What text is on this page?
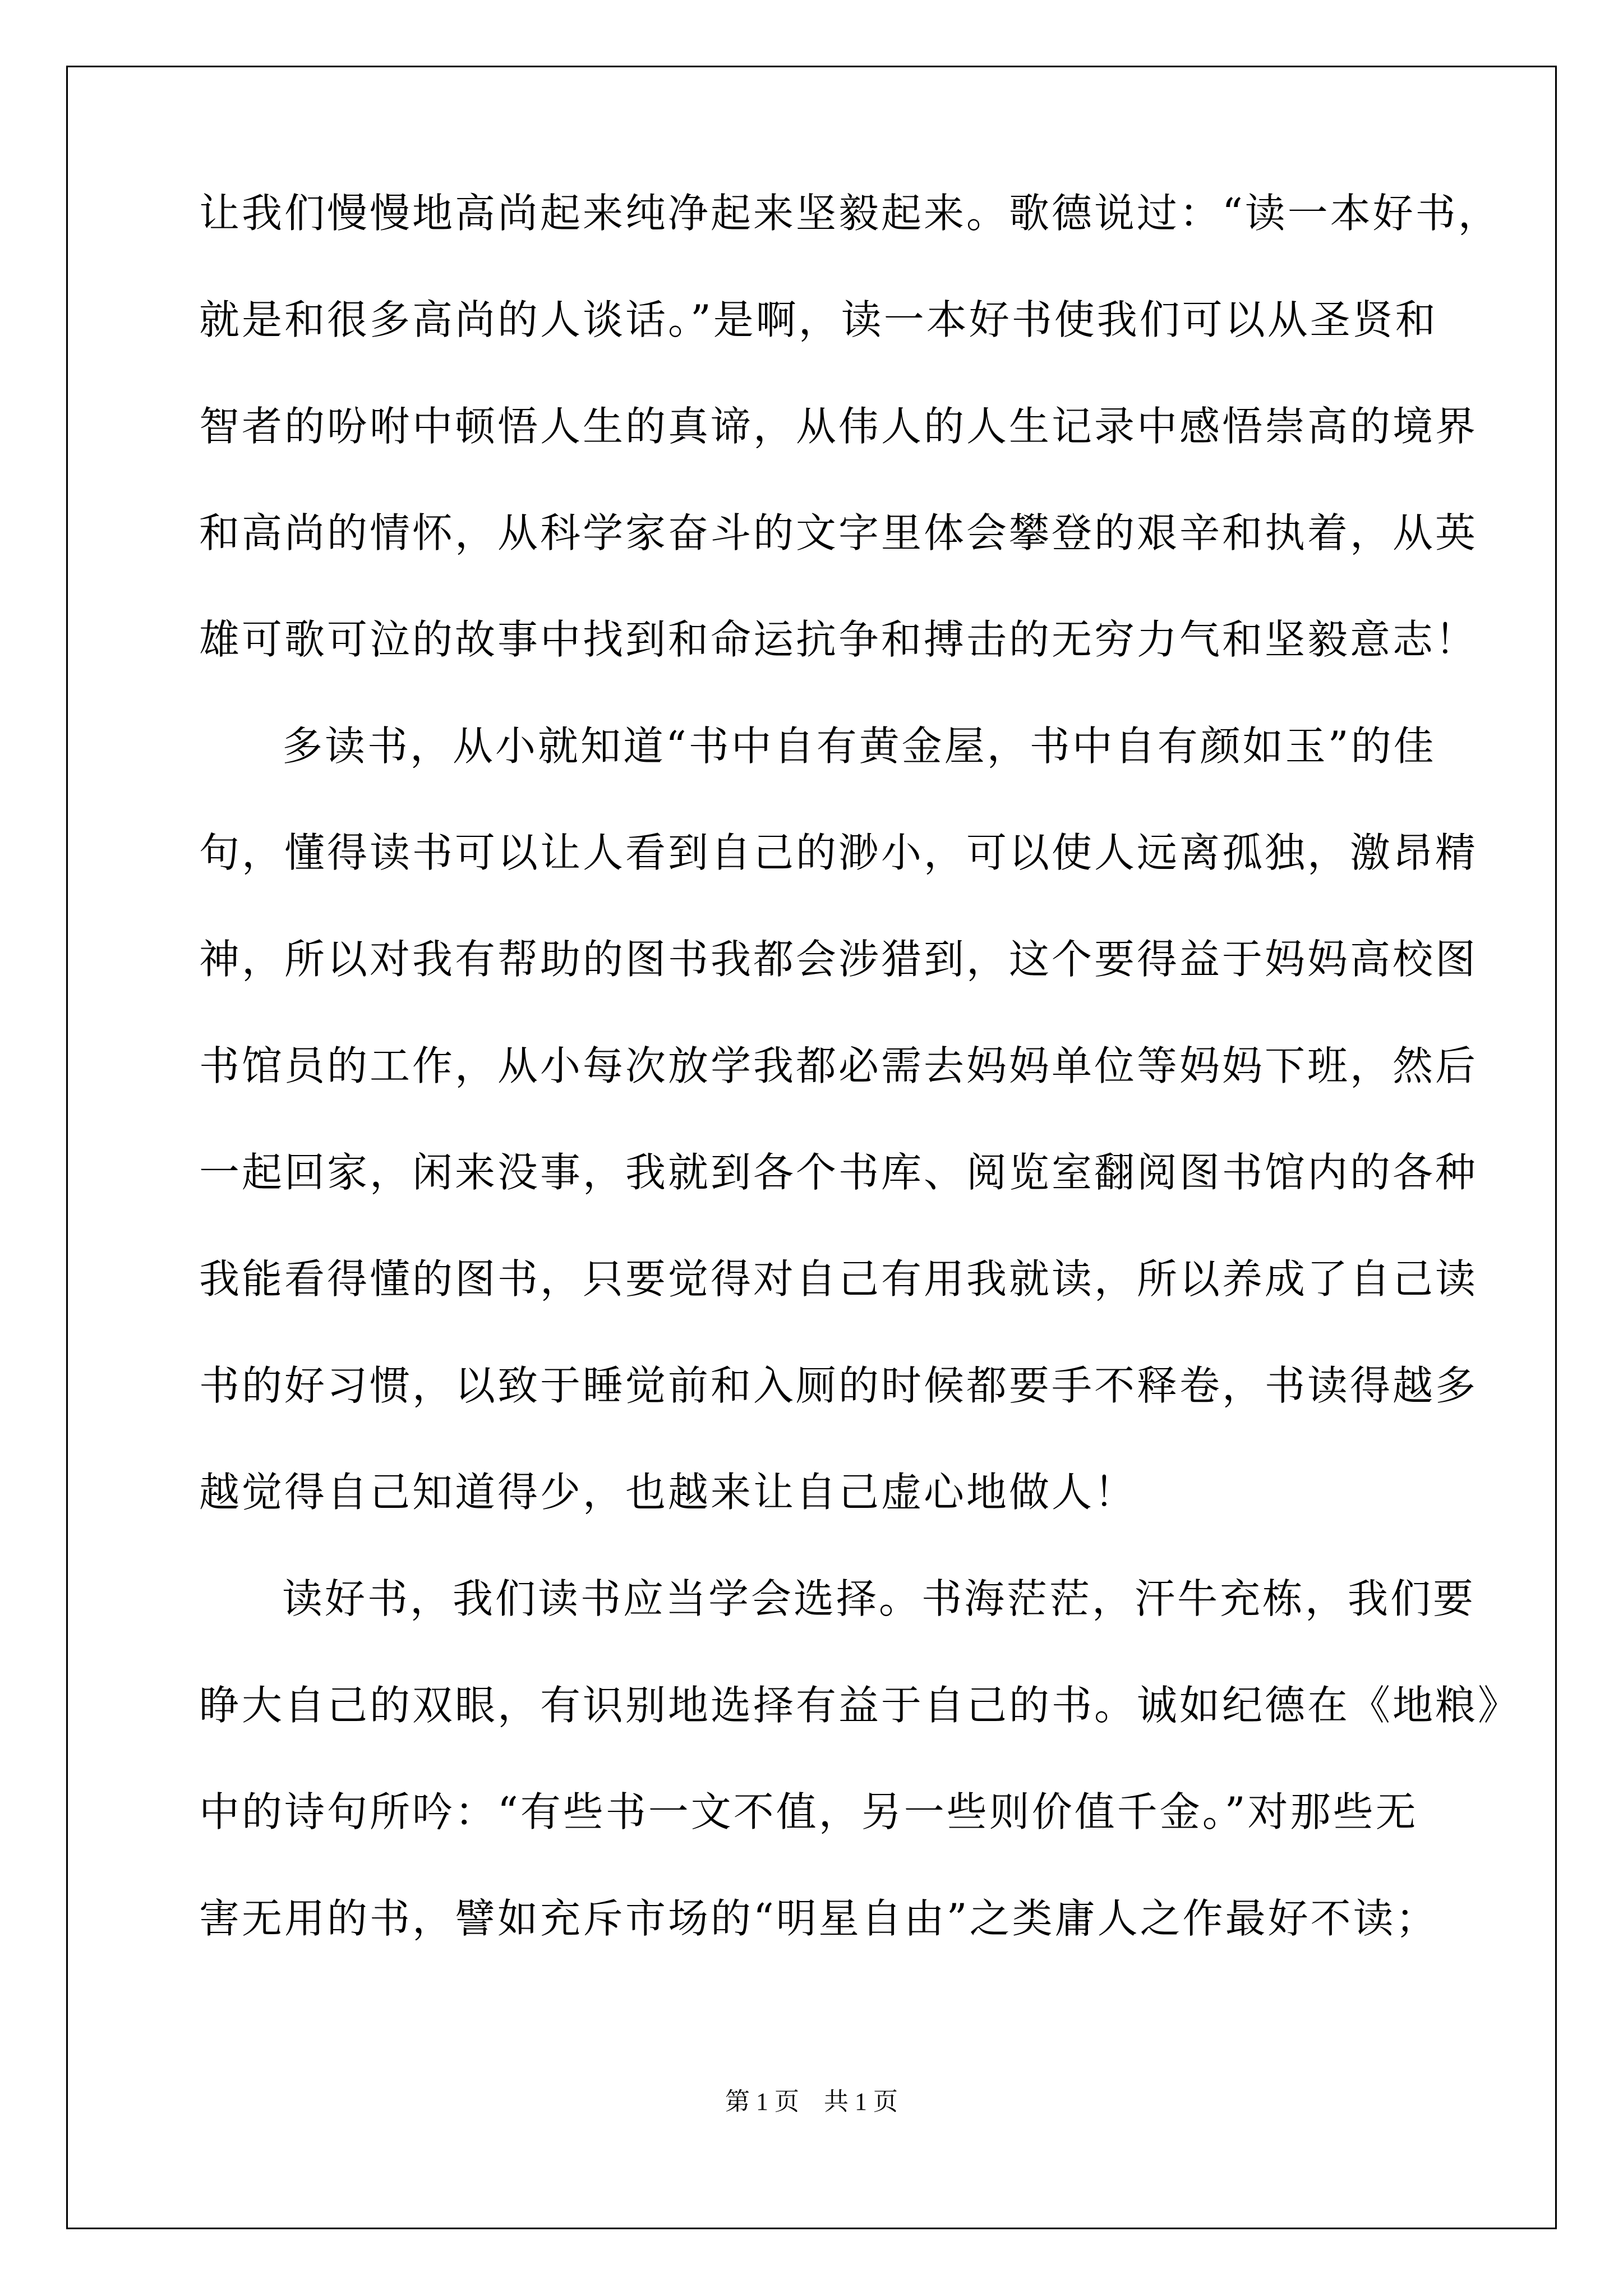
让我们慢慢地高尚起来纯净起来坚毅起来。歌德说过：“读一本好书，
就是和很多高尚的人谈话。”是啊，读一本好书使我们可以从圣贤和
智者的吩咐中顿悟人生的真谛，从伟人的人生记录中感悟崇高的境界
和高尚的情怀，从科学家奋斗的文字里体会攀登的艰辛和执着，从英
雄可歌可泣的故事中找到和命运抗争和搏击的无穷力气和坚毅意志！
多读书，从小就知道“书中自有黄金屋，书中自有颜如玉”的佳
句，懂得读书可以让人看到自己的渺小，可以使人远离孤独，激昂精
神，所以对我有帮助的图书我都会涉猎到，这个要得益于妈妈高校图
书馆员的工作，从小每次放学我都必需去妈妈单位等妈妈下班，然后
一起回家，闲来没事，我就到各个书库、阅览室翻阅图书馆内的各种
我能看得懂的图书，只要觉得对自己有用我就读，所以养成了自己读
书的好习惯，以致于睡觉前和入厕的时候都要手不释卷，书读得越多
越觉得自己知道得少，也越来让自己虚心地做人！
读好书，我们读书应当学会选择。书海茫茫，汗牛充栋，我们要
睁大自己的双眼，有识别地选择有益于自己的书。诚如纪德在《地粮》
中的诗句所吟：“有些书一文不值，另一些则价值千金。”对那些无
害无用的书，譬如充斥市场的“明星自由”之类庸人之作最好不读；
第 1 页　共 1 页
